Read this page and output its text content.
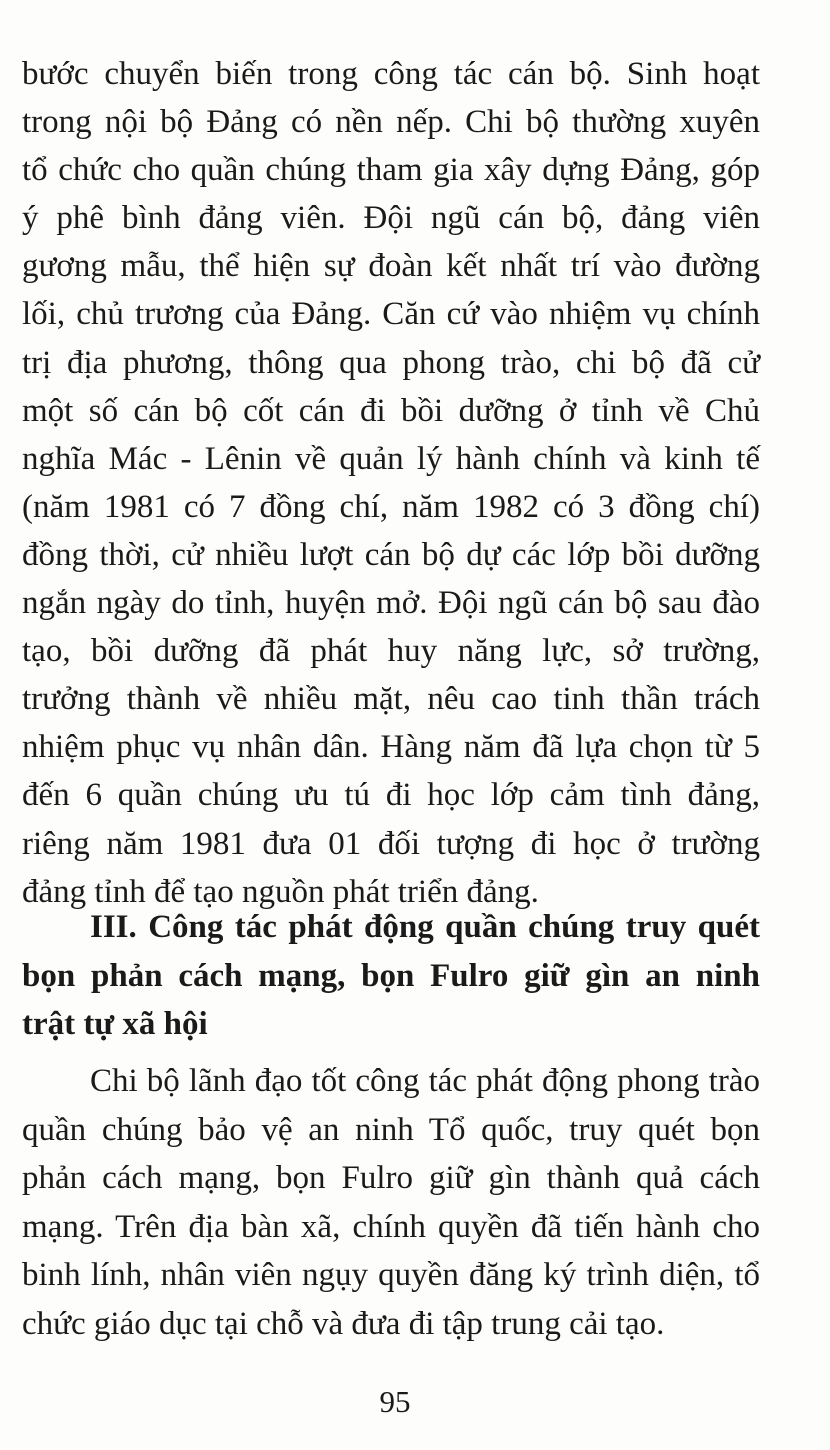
bước chuyển biến trong công tác cán bộ. Sinh hoạt
trong nội bộ Đảng có nền nếp. Chi bộ thường xuyên
tổ chức cho quần chúng tham gia xây dựng Đảng, góp
ý phê bình đảng viên. Đội ngũ cán bộ, đảng viên
gương mẫu, thể hiện sự đoàn kết nhất trí vào đường
lối, chủ trương của Đảng. Căn cứ vào nhiệm vụ chính
trị địa phương, thông qua phong trào, chi bộ đã cử
một số cán bộ cốt cán đi bồi dưỡng ở tỉnh về Chủ
nghĩa Mác - Lênin về quản lý hành chính và kinh tế
(năm 1981 có 7 đồng chí, năm 1982 có 3 đồng chí)
đồng thời, cử nhiều lượt cán bộ dự các lớp bồi dưỡng
ngắn ngày do tỉnh, huyện mở. Đội ngũ cán bộ sau đào
tạo, bồi dưỡng đã phát huy năng lực, sở trường,
trưởng thành về nhiều mặt, nêu cao tinh thần trách
nhiệm phục vụ nhân dân. Hàng năm đã lựa chọn từ 5
đến 6 quần chúng ưu tú đi học lớp cảm tình đảng,
riêng năm 1981 đưa 01 đối tượng đi học ở trường
đảng tỉnh để tạo nguồn phát triển đảng.
III. Công tác phát động quần chúng truy quét
bọn phản cách mạng, bọn Fulro giữ gìn an ninh
trật tự xã hội
Chi bộ lãnh đạo tốt công tác phát động phong trào
quần chúng bảo vệ an ninh Tổ quốc, truy quét bọn
phản cách mạng, bọn Fulro giữ gìn thành quả cách
mạng. Trên địa bàn xã, chính quyền đã tiến hành cho
binh lính, nhân viên ngụy quyền đăng ký trình diện, tổ
chức giáo dục tại chỗ và đưa đi tập trung cải tạo.
95
